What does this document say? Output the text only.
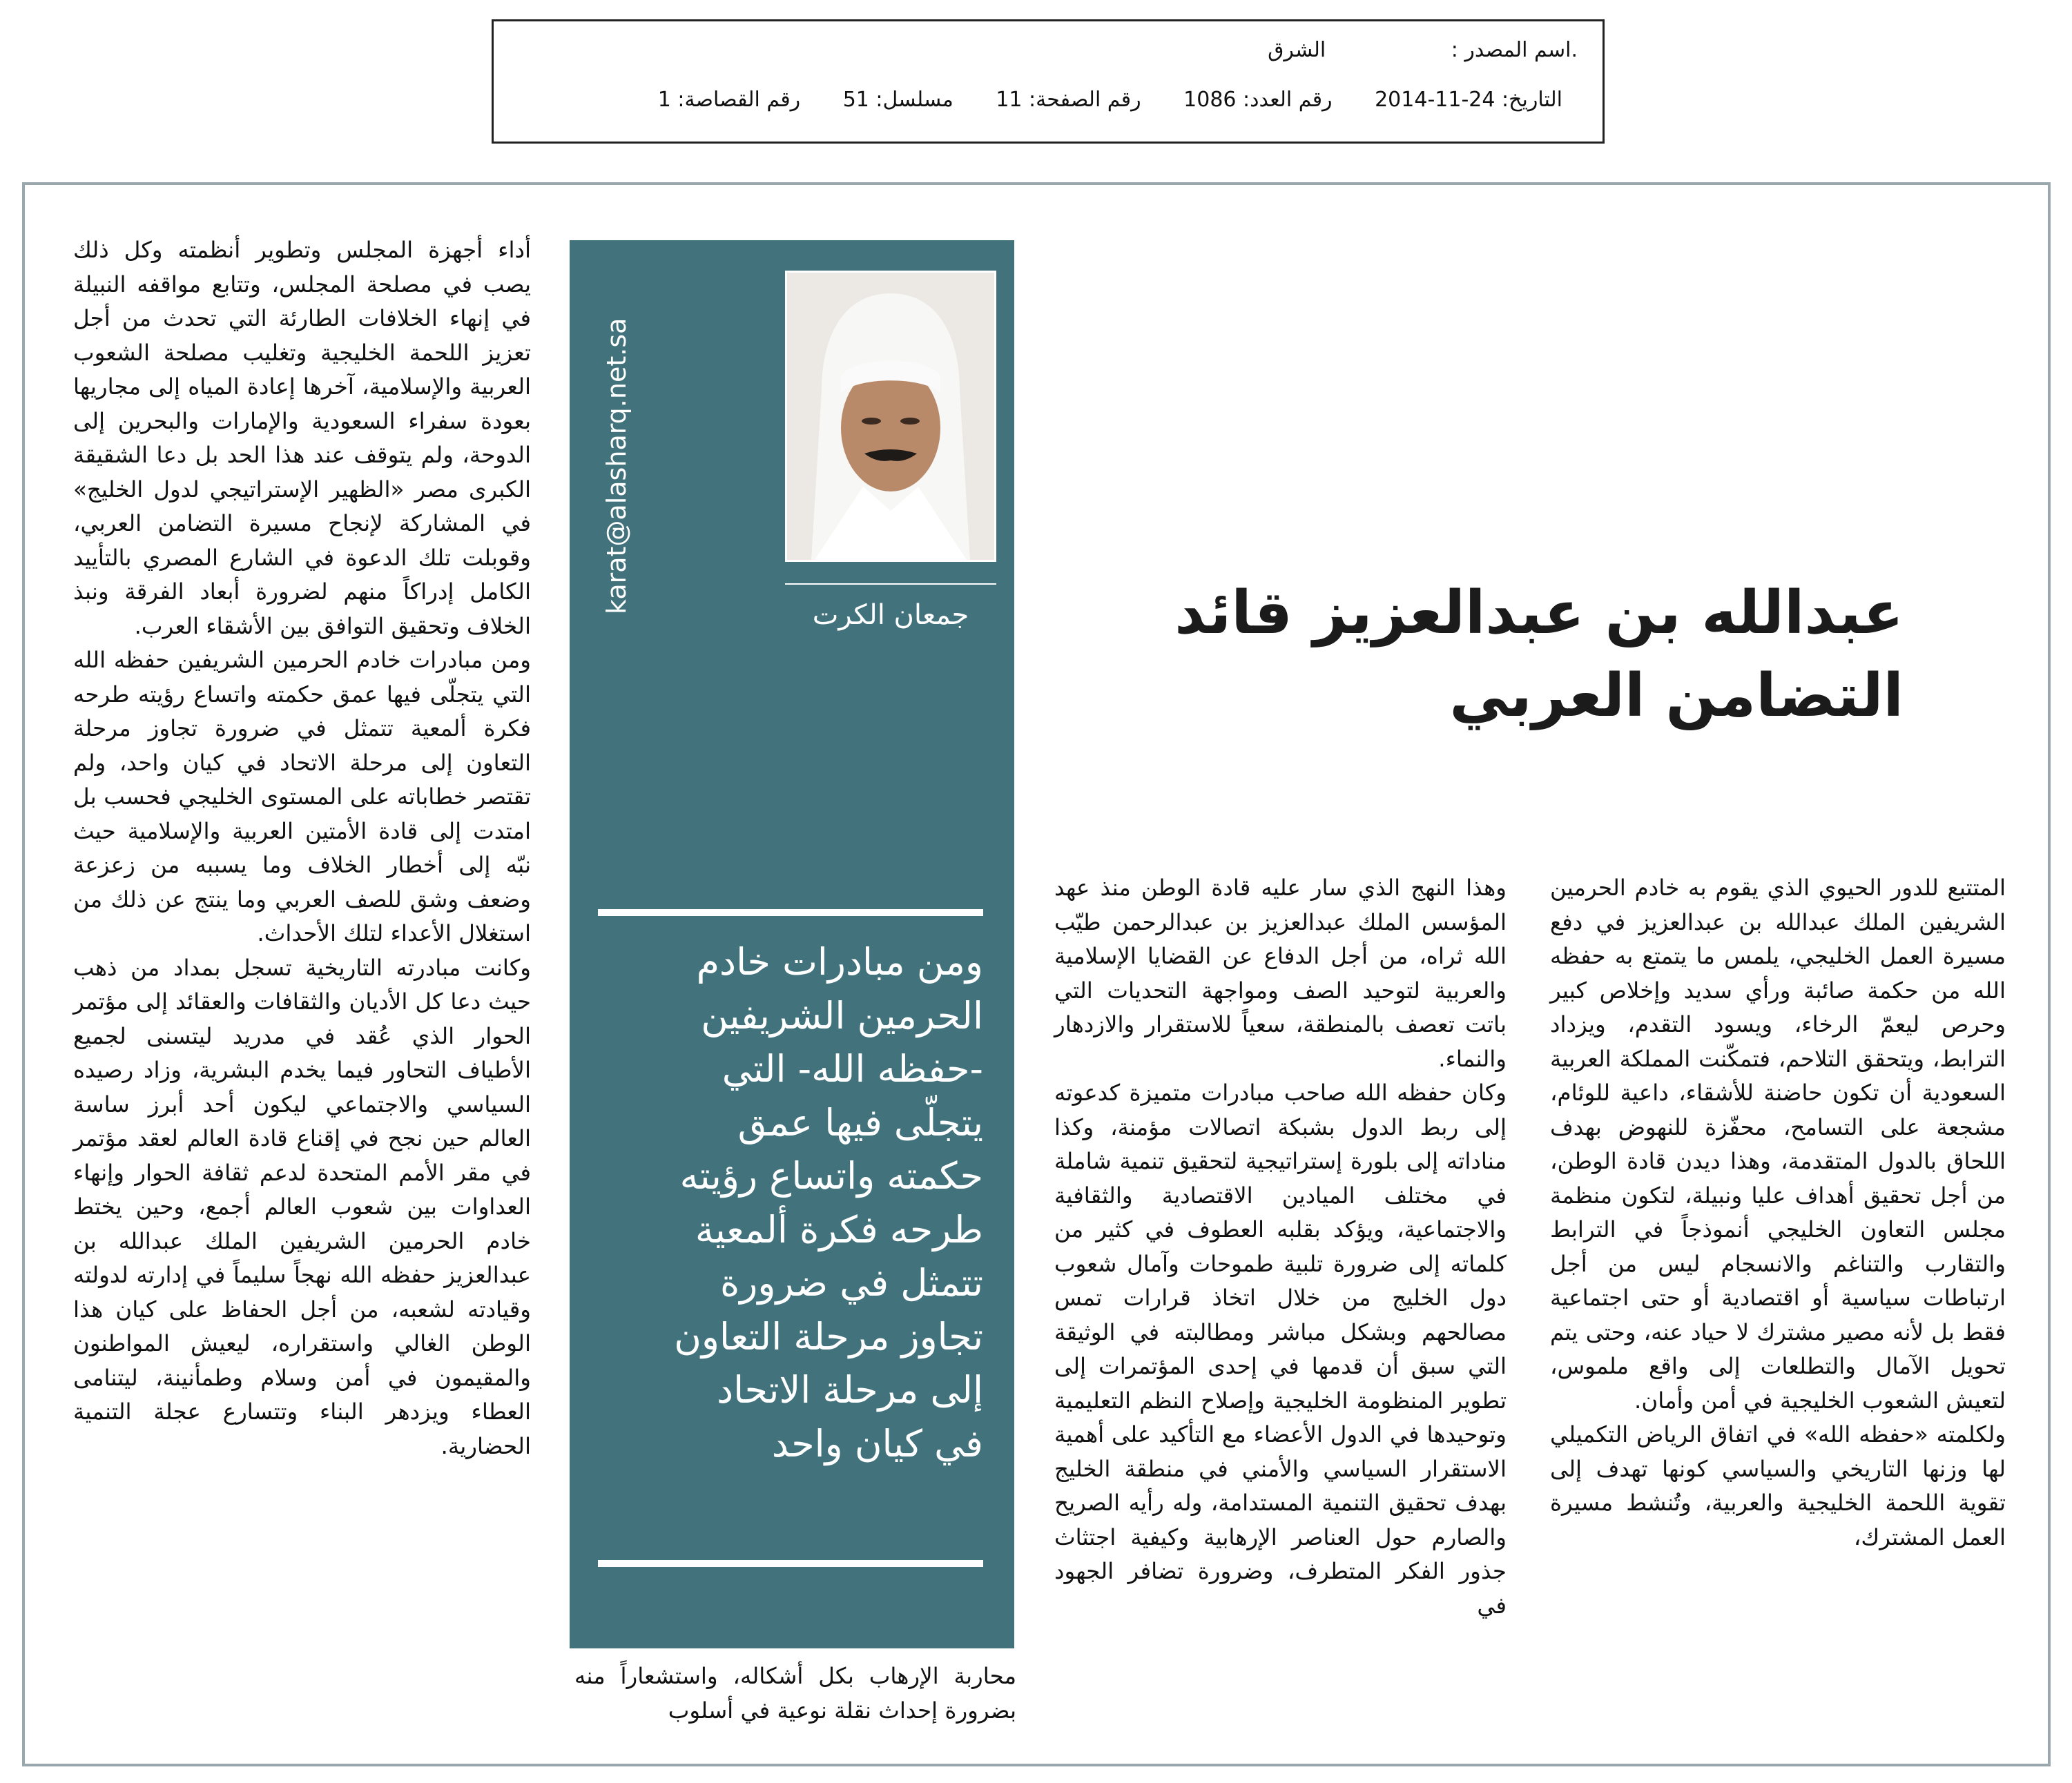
.اسم المصدر : الشرق
التاريخ: 24-11-2014 رقم العدد: 1086 رقم الصفحة: 11 مسلسل: 51 رقم القصاصة: 1
عبدالله بن عبدالعزيز قائد
التضامن العربي
karat@alasharq.net.sa
جمعان الكرت
ومن مبادرات خادم
الحرمين الشريفين
-حفظه الله- التي
يتجلّى فيها عمق
حكمته واتساع رؤيته
طرحه فكرة ألمعية
تتمثل في ضرورة
تجاوز مرحلة التعاون
إلى مرحلة الاتحاد
في كيان واحد

أداء أجهزة المجلس وتطوير أنظمته وكل ذلك يصب في مصلحة المجلس، وتتابع مواقفه النبيلة في إنهاء الخلافات الطارئة التي تحدث من أجل تعزيز اللحمة الخليجية وتغليب مصلحة الشعوب العربية والإسلامية، آخرها إعادة المياه إلى مجاريها بعودة سفراء السعودية والإمارات والبحرين إلى الدوحة، ولم يتوقف عند هذا الحد بل دعا الشقيقة الكبرى مصر «الظهير الإستراتيجي لدول الخليج» في المشاركة لإنجاح مسيرة التضامن العربي، وقوبلت تلك الدعوة في الشارع المصري بالتأييد الكامل إدراكاً منهم لضرورة أبعاد الفرقة ونبذ الخلاف وتحقيق التوافق بين الأشقاء العرب.

ومن مبادرات خادم الحرمين الشريفين حفظه الله التي يتجلّى فيها عمق حكمته واتساع رؤيته طرحه فكرة ألمعية تتمثل في ضرورة تجاوز مرحلة التعاون إلى مرحلة الاتحاد في كيان واحد، ولم تقتصر خطاباته على المستوى الخليجي فحسب بل امتدت إلى قادة الأمتين العربية والإسلامية حيث نبّه إلى أخطار الخلاف وما يسببه من زعزعة وضعف وشق للصف العربي وما ينتج عن ذلك من استغلال الأعداء لتلك الأحداث.

وكانت مبادرته التاريخية تسجل بمداد من ذهب حيث دعا كل الأديان والثقافات والعقائد إلى مؤتمر الحوار الذي عُقد في مدريد ليتسنى لجميع الأطياف التحاور فيما يخدم البشرية، وزاد رصيده السياسي والاجتماعي ليكون أحد أبرز ساسة العالم حين نجح في إقناع قادة العالم لعقد مؤتمر في مقر الأمم المتحدة لدعم ثقافة الحوار وإنهاء العداوات بين شعوب العالم أجمع، وحين يختط خادم الحرمين الشريفين الملك عبدالله بن عبدالعزيز حفظه الله نهجاً سليماً في إدارته لدولته وقيادته لشعبه، من أجل الحفاظ على كيان هذا الوطن الغالي واستقراره، ليعيش المواطنون والمقيمون في أمن وسلام وطمأنينة، ليتنامى العطاء ويزدهر البناء وتتسارع عجلة التنمية الحضارية.

محاربة الإرهاب بكل أشكاله، واستشعاراً منه بضرورة إحداث نقلة نوعية في أسلوب

وهذا النهج الذي سار عليه قادة الوطن منذ عهد المؤسس الملك عبدالعزيز بن عبدالرحمن طيّب الله ثراه، من أجل الدفاع عن القضايا الإسلامية والعربية لتوحيد الصف ومواجهة التحديات التي باتت تعصف بالمنطقة، سعياً للاستقرار والازدهار والنماء.

وكان حفظه الله صاحب مبادرات متميزة كدعوته إلى ربط الدول بشبكة اتصالات مؤمنة، وكذا مناداته إلى بلورة إستراتيجية لتحقيق تنمية شاملة في مختلف الميادين الاقتصادية والثقافية والاجتماعية، ويؤكد بقلبه العطوف في كثير من كلماته إلى ضرورة تلبية طموحات وآمال شعوب دول الخليج من خلال اتخاذ قرارات تمس مصالحهم وبشكل مباشر ومطالبته في الوثيقة التي سبق أن قدمها في إحدى المؤتمرات إلى تطوير المنظومة الخليجية وإصلاح النظم التعليمية وتوحيدها في الدول الأعضاء مع التأكيد على أهمية الاستقرار السياسي والأمني في منطقة الخليج بهدف تحقيق التنمية المستدامة، وله رأيه الصريح والصارم حول العناصر الإرهابية وكيفية اجتثاث جذور الفكر المتطرف، وضرورة تضافر الجهود في

المتتبع للدور الحيوي الذي يقوم به خادم الحرمين الشريفين الملك عبدالله بن عبدالعزيز في دفع مسيرة العمل الخليجي، يلمس ما يتمتع به حفظه الله من حكمة صائبة ورأي سديد وإخلاص كبير وحرص ليعمّ الرخاء، ويسود التقدم، ويزداد الترابط، ويتحقق التلاحم، فتمكّنت المملكة العربية السعودية أن تكون حاضنة للأشقاء، داعية للوئام، مشجعة على التسامح، محفّزة للنهوض بهدف اللحاق بالدول المتقدمة، وهذا ديدن قادة الوطن، من أجل تحقيق أهداف عليا ونبيلة، لتكون منظمة مجلس التعاون الخليجي أنموذجاً في الترابط والتقارب والتناغم والانسجام ليس من أجل ارتباطات سياسية أو اقتصادية أو حتى اجتماعية فقط بل لأنه مصير مشترك لا حياد عنه، وحتى يتم تحويل الآمال والتطلعات إلى واقع ملموس، لتعيش الشعوب الخليجية في أمن وأمان.

ولكلمته «حفظه الله» في اتفاق الرياض التكميلي لها وزنها التاريخي والسياسي كونها تهدف إلى تقوية اللحمة الخليجية والعربية، وتُنشط مسيرة العمل المشترك،
